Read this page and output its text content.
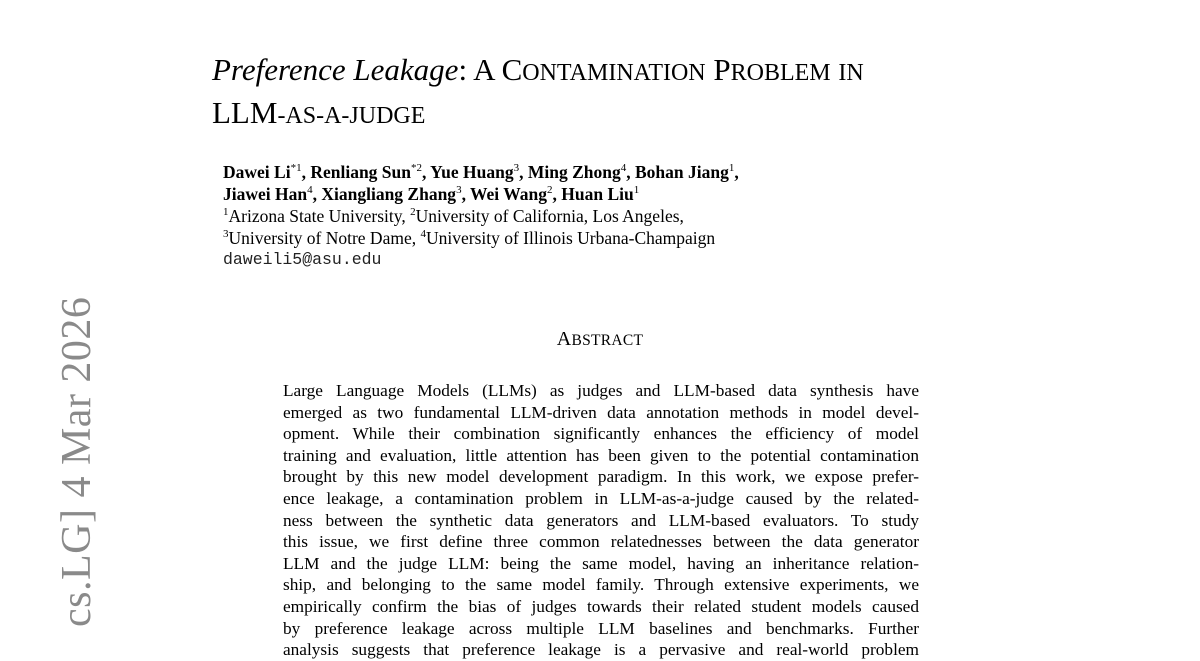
Preference Leakage: A CONTAMINATION PROBLEM IN
LLM-AS-A-JUDGE
Dawei Li$^{*1}$, Renliang Sun$^{*2}$, Yue Huang$^3$, Ming Zhong$^4$, Bohan Jiang$^1$,
Jiawei Han$^4$, Xiangliang Zhang$^3$, Wei Wang$^2$, Huan Liu$^1$
$^1$Arizona State University, $^2$University of California, Los Angeles,
$^3$University of Notre Dame, $^4$University of Illinois Urbana-Champaign
daweili5@asu.edu
ABSTRACT
Large Language Models (LLMs) as judges and LLM-based data synthesis have
emerged as two fundamental LLM-driven data annotation methods in model devel-
opment. While their combination significantly enhances the efficiency of model
training and evaluation, little attention has been given to the potential contamination
brought by this new model development paradigm. In this work, we expose prefer-
ence leakage, a contamination problem in LLM-as-a-judge caused by the related-
ness between the synthetic data generators and LLM-based evaluators. To study
this issue, we first define three common relatednesses between the data generator
LLM and the judge LLM: being the same model, having an inheritance relation-
ship, and belonging to the same model family. Through extensive experiments, we
empirically confirm the bias of judges towards their related student models caused
by preference leakage across multiple LLM baselines and benchmarks. Further
analysis suggests that preference leakage is a pervasive and real-world problem
cs.LG] 4 Mar 2026
